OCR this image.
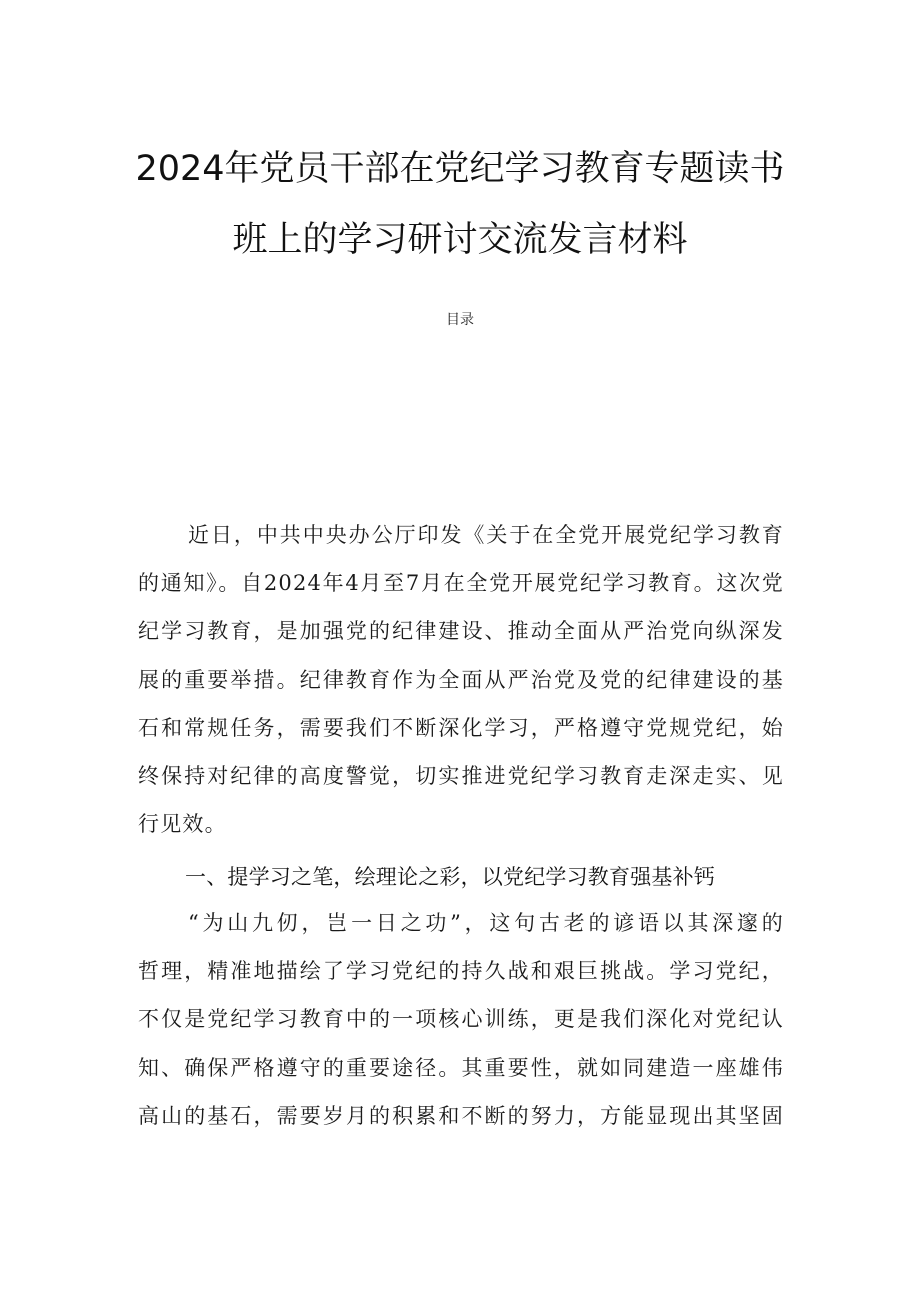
2024年党员干部在党纪学习教育专题读书
班上的学习研讨交流发言材料
目录
近日，中共中央办公厅印发《关于在全党开展党纪学习教育
的通知》。自2024年4月至7月在全党开展党纪学习教育。这次党
纪学习教育，是加强党的纪律建设、推动全面从严治党向纵深发
展的重要举措。纪律教育作为全面从严治党及党的纪律建设的基
石和常规任务，需要我们不断深化学习，严格遵守党规党纪，始
终保持对纪律的高度警觉，切实推进党纪学习教育走深走实、见
行见效。
一、提学习之笔，绘理论之彩，以党纪学习教育强基补钙
“为山九仞，岂一日之功”，这句古老的谚语以其深邃的
哲理，精准地描绘了学习党纪的持久战和艰巨挑战。学习党纪，
不仅是党纪学习教育中的一项核心训练，更是我们深化对党纪认
知、确保严格遵守的重要途径。其重要性，就如同建造一座雄伟
高山的基石，需要岁月的积累和不断的努力，方能显现出其坚固
